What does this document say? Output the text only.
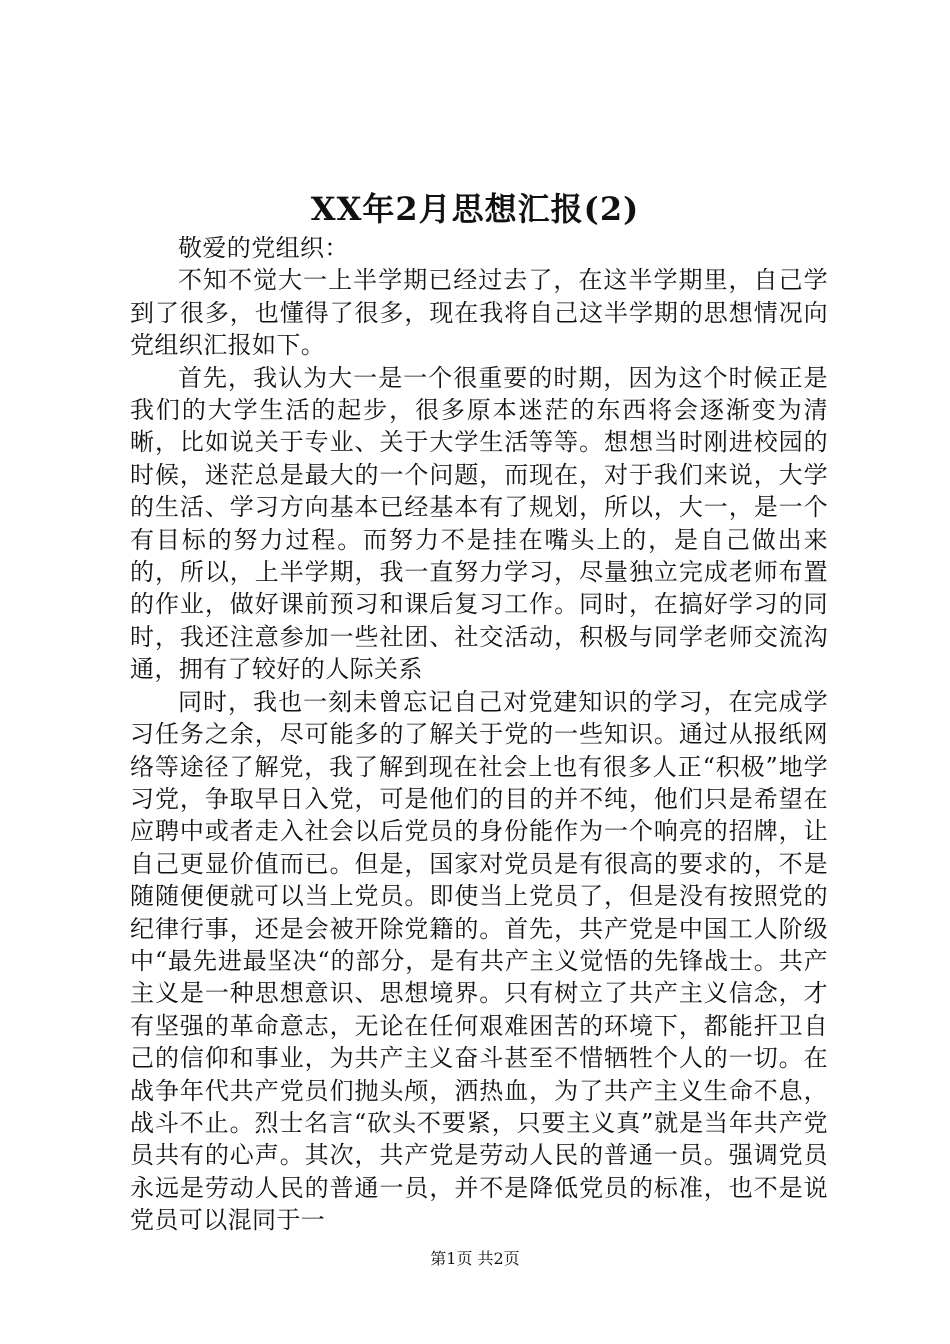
XX年2月思想汇报(2)

敬爱的党组织：

不知不觉大一上半学期已经过去了，在这半学期里，自己学到了很多，也懂得了很多，现在我将自己这半学期的思想情况向党组织汇报如下。

首先，我认为大一是一个很重要的时期，因为这个时候正是我们的大学生活的起步，很多原本迷茫的东西将会逐渐变为清晰，比如说关于专业、关于大学生活等等。想想当时刚进校园的时候，迷茫总是最大的一个问题，而现在，对于我们来说，大学的生活、学习方向基本已经基本有了规划，所以，大一，是一个有目标的努力过程。而努力不是挂在嘴头上的，是自己做出来的，所以，上半学期，我一直努力学习，尽量独立完成老师布置的作业，做好课前预习和课后复习工作。同时，在搞好学习的同时，我还注意参加一些社团、社交活动，积极与同学老师交流沟通，拥有了较好的人际关系

同时，我也一刻未曾忘记自己对党建知识的学习，在完成学习任务之余，尽可能多的了解关于党的一些知识。通过从报纸网络等途径了解党，我了解到现在社会上也有很多人正“积极”地学习党，争取早日入党，可是他们的目的并不纯，他们只是希望在应聘中或者走入社会以后党员的身份能作为一个响亮的招牌，让自己更显价值而已。但是，国家对党员是有很高的要求的，不是随随便便就可以当上党员。即使当上党员了，但是没有按照党的纪律行事，还是会被开除党籍的。首先，共产党是中国工人阶级中“最先进最坚决“的部分，是有共产主义觉悟的先锋战士。共产主义是一种思想意识、思想境界。只有树立了共产主义信念，才有坚强的革命意志，无论在任何艰难困苦的环境下，都能扞卫自己的信仰和事业，为共产主义奋斗甚至不惜牺牲个人的一切。在战争年代共产党员们抛头颅，洒热血，为了共产主义生命不息，战斗不止。烈士名言“砍头不要紧，只要主义真”就是当年共产党员共有的心声。其次，共产党是劳动人民的普通一员。强调党员永远是劳动人民的普通一员，并不是降低党员的标准，也不是说党员可以混同于一

第1页 共2页
